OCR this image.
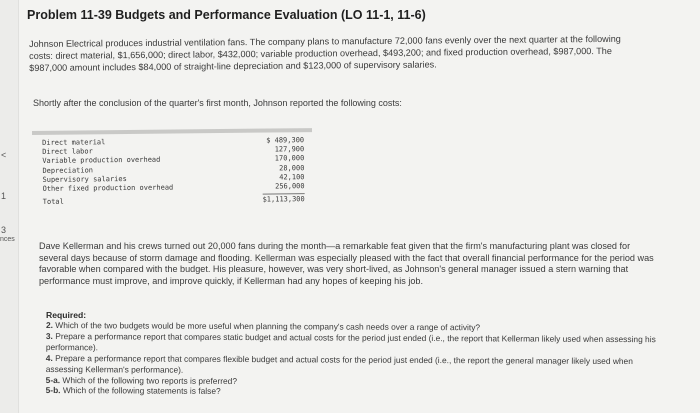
<
1
3
nces
Problem 11-39 Budgets and Performance Evaluation (LO 11-1, 11-6)

Johnson Electrical produces industrial ventilation fans. The company plans to manufacture 72,000 fans evenly over the next quarter at the following costs: direct material, $1,656,000; direct labor, $432,000; variable production overhead, $493,200; and fixed production overhead, $987,000. The $987,000 amount includes $84,000 of straight-line depreciation and $123,000 of supervisory salaries.

Shortly after the conclusion of the quarter's first month, Johnson reported the following costs:

Direct material	$ 489,300
Direct labor	127,900
Variable production overhead	170,000
Depreciation	28,000
Supervisory salaries	42,100
Other fixed production overhead	256,000
Total	$1,113,300

Dave Kellerman and his crews turned out 20,000 fans during the month—a remarkable feat given that the firm's manufacturing plant was closed for several days because of storm damage and flooding. Kellerman was especially pleased with the fact that overall financial performance for the period was favorable when compared with the budget. His pleasure, however, was very short-lived, as Johnson's general manager issued a stern warning that performance must improve, and improve quickly, if Kellerman had any hopes of keeping his job.

Required:

2. Which of the two budgets would be more useful when planning the company's cash needs over a range of activity?
3. Prepare a performance report that compares static budget and actual costs for the period just ended (i.e., the report that Kellerman likely used when assessing his performance).
4. Prepare a performance report that compares flexible budget and actual costs for the period just ended (i.e., the report the general manager likely used when assessing Kellerman's performance).
5-a. Which of the following two reports is preferred?
5-b. Which of the following statements is false?
